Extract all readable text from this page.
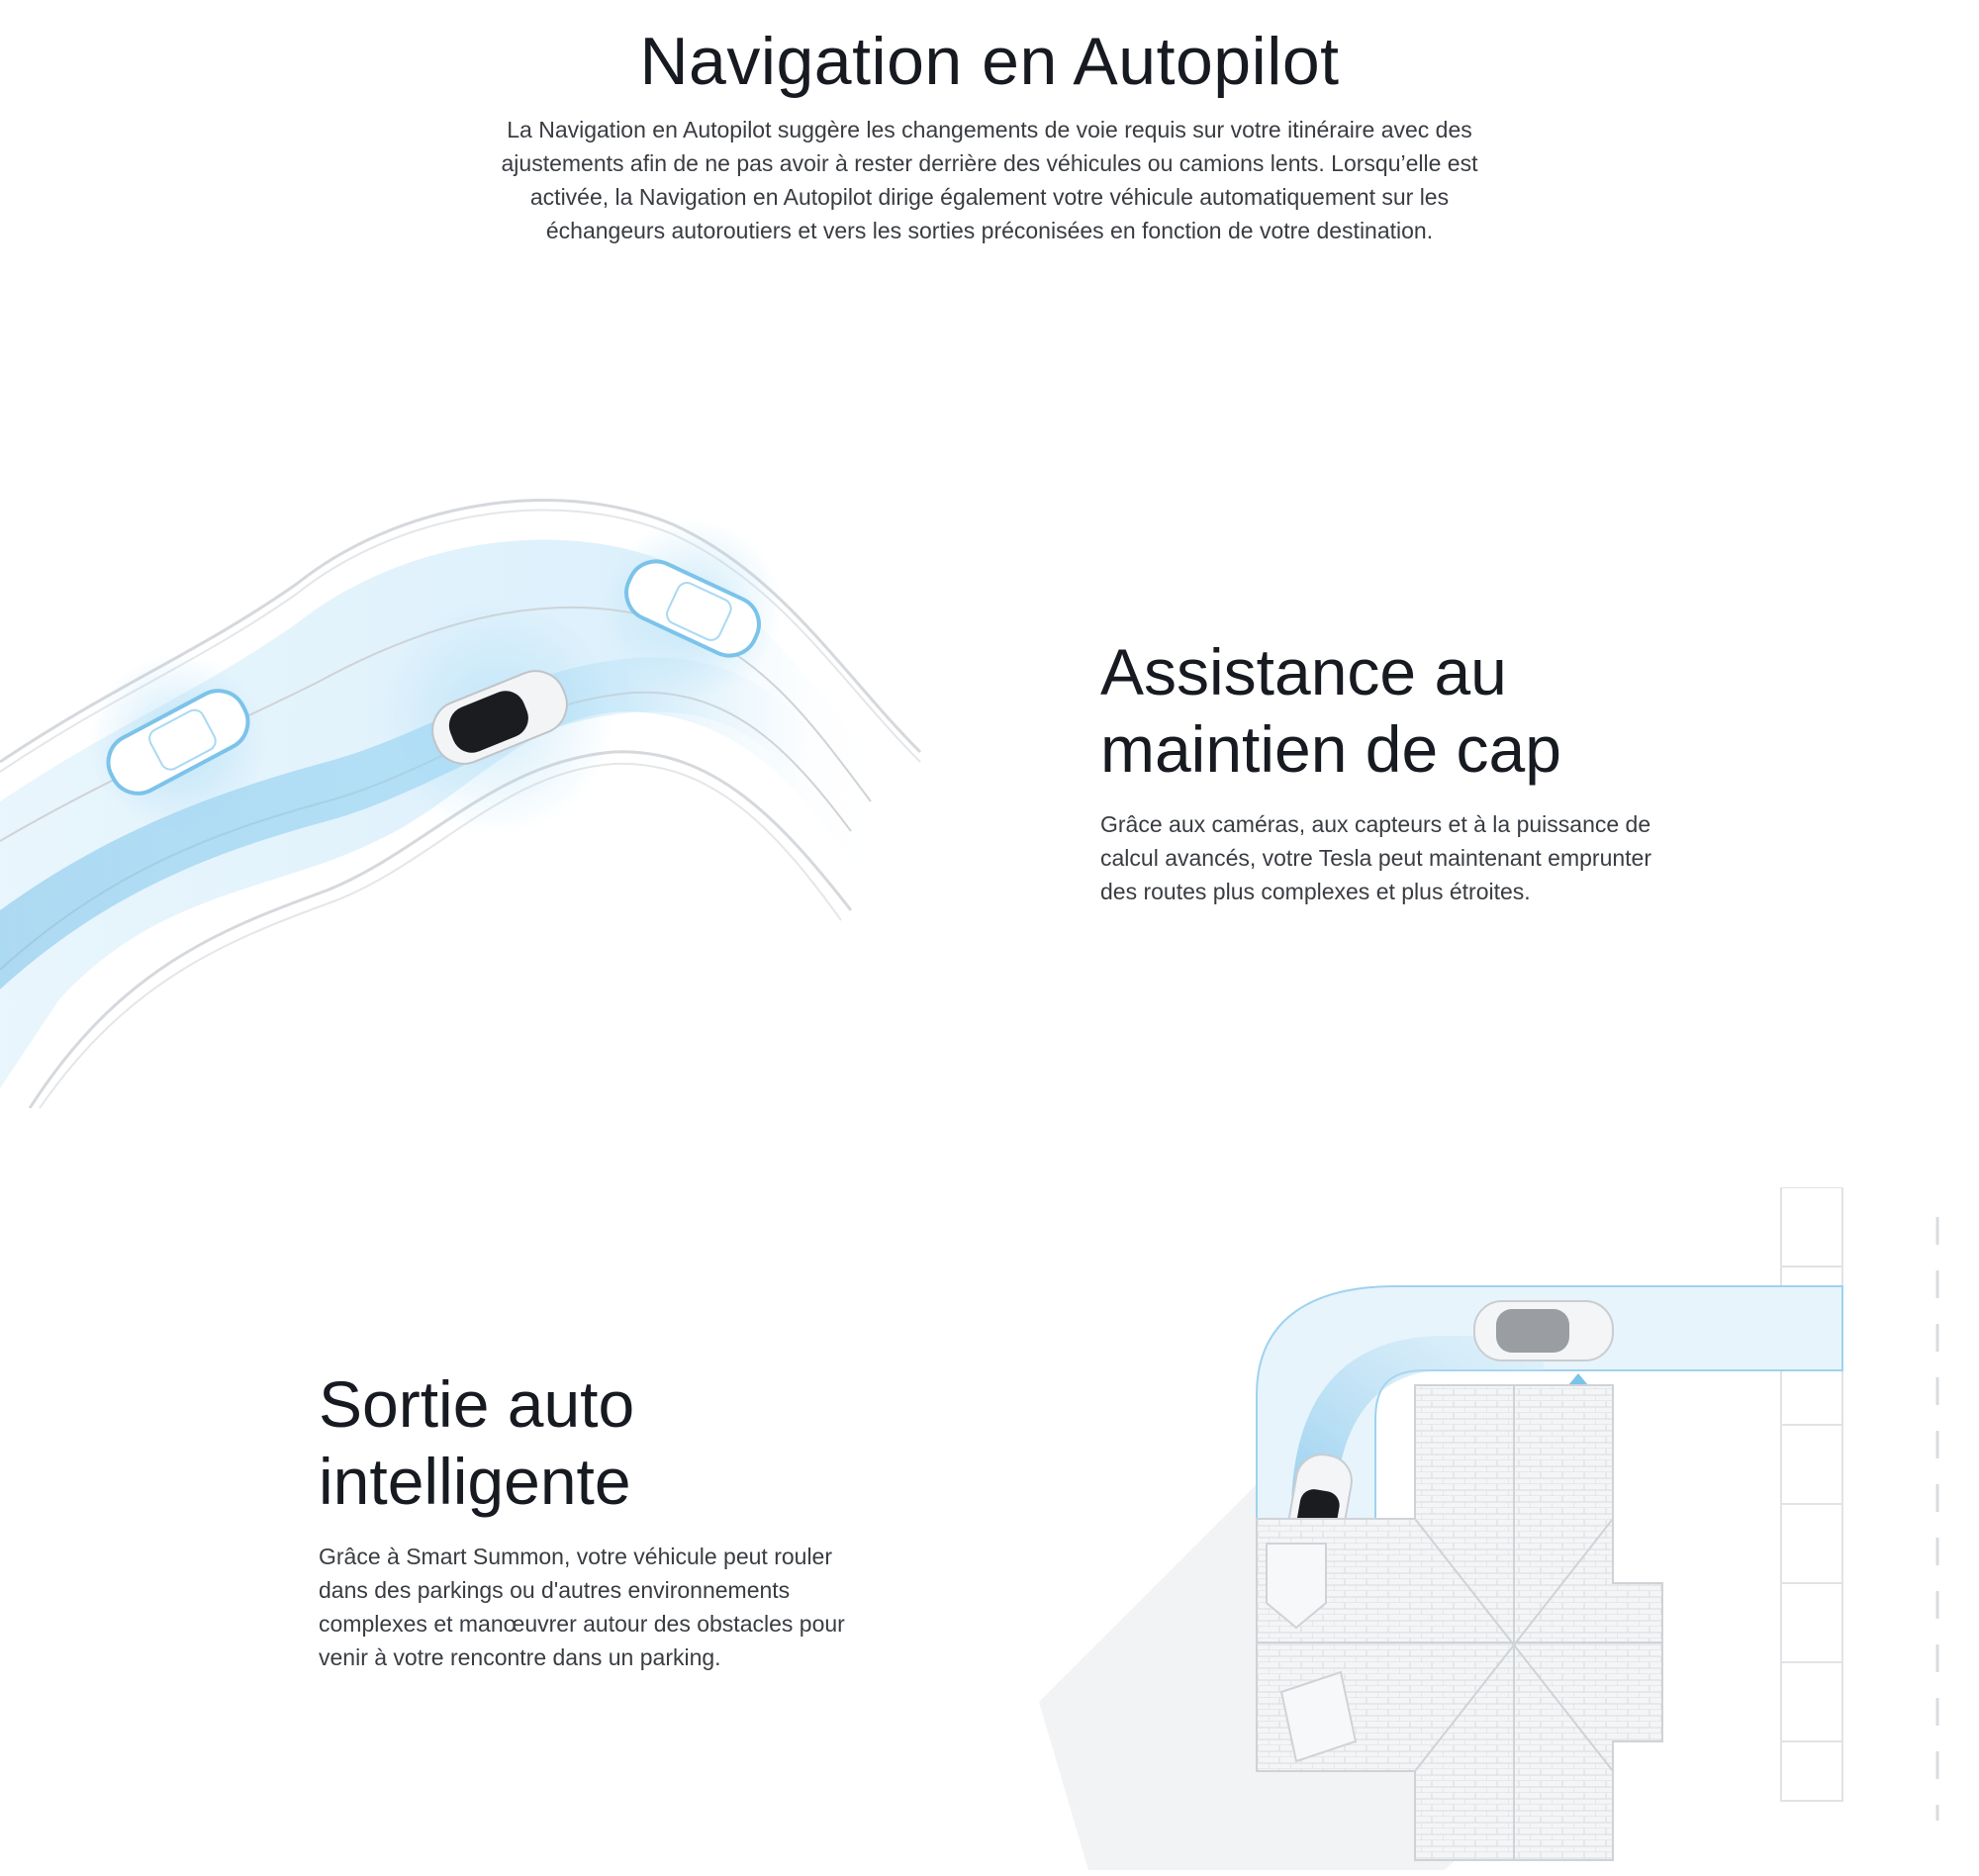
Navigation en Autopilot

La Navigation en Autopilot suggère les changements de voie requis sur votre itinéraire avec des ajustements afin de ne pas avoir à rester derrière des véhicules ou camions lents. Lorsqu’elle est activée, la Navigation en Autopilot dirige également votre véhicule automatiquement sur les échangeurs autoroutiers et vers les sorties préconisées en fonction de votre destination.

Assistance au
maintien de cap

Grâce aux caméras, aux capteurs et à la puissance de calcul avancés, votre Tesla peut maintenant emprunter des routes plus complexes et plus étroites.

Sortie auto
intelligente

Grâce à Smart Summon, votre véhicule peut rouler dans des parkings ou d'autres environnements complexes et manœuvrer autour des obstacles pour venir à votre rencontre dans un parking.
